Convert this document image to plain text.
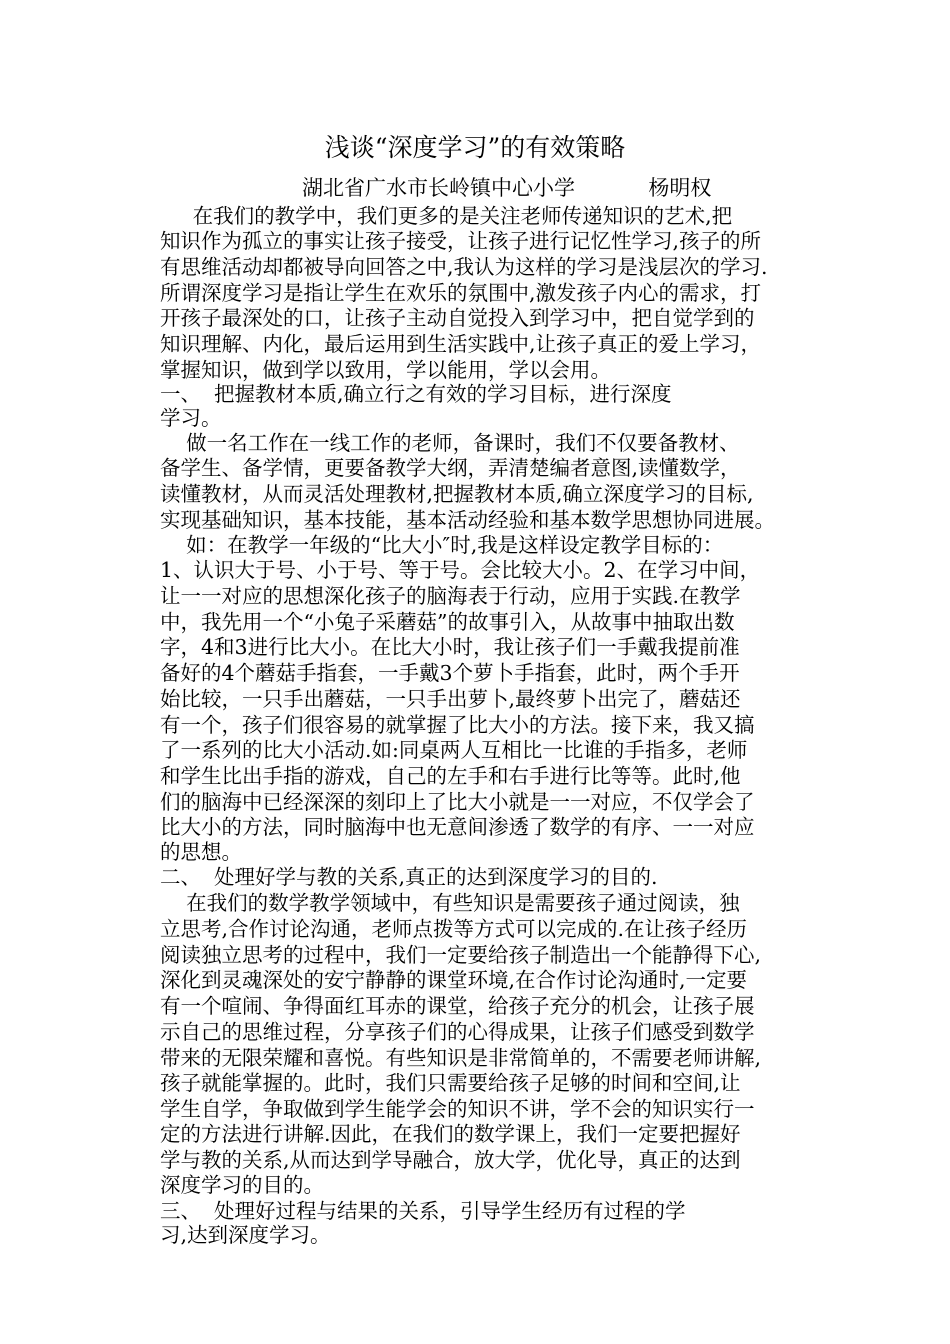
浅谈“深度学习”的有效策略
湖北省广水市长岭镇中心小学           杨明权
在我们的教学中，我们更多的是关注老师传递知识的艺术,把
知识作为孤立的事实让孩子接受，让孩子进行记忆性学习,孩子的所
有思维活动却都被导向回答之中,我认为这样的学习是浅层次的学习.
所谓深度学习是指让学生在欢乐的氛围中,激发孩子内心的需求，打
开孩子最深处的口，让孩子主动自觉投入到学习中，把自觉学到的
知识理解、内化，最后运用到生活实践中,让孩子真正的爱上学习，
掌握知识，做到学以致用，学以能用，学以会用。
一、  把握教材本质,确立行之有效的学习目标，进行深度
学习。
做一名工作在一线工作的老师，备课时，我们不仅要备教材、
备学生、备学情，更要备教学大纲，弄清楚编者意图,读懂数学，
读懂教材，从而灵活处理教材,把握教材本质,确立深度学习的目标,
实现基础知识，基本技能，基本活动经验和基本数学思想协同进展。
如：在教学一年级的“比大小″时,我是这样设定教学目标的：
1、认识大于号、小于号、等于号。会比较大小。2、在学习中间，
让一一对应的思想深化孩子的脑海表于行动，应用于实践.在教学
中，我先用一个“小兔子采蘑菇”的故事引入，从故事中抽取出数
字，4和3进行比大小。在比大小时，我让孩子们一手戴我提前准
备好的4个蘑菇手指套，一手戴3个萝卜手指套，此时，两个手开
始比较，一只手出蘑菇，一只手出萝卜,最终萝卜出完了，蘑菇还
有一个，孩子们很容易的就掌握了比大小的方法。接下来，我又搞
了一系列的比大小活动.如:同桌两人互相比一比谁的手指多，老师
和学生比出手指的游戏，自己的左手和右手进行比等等。此时,他
们的脑海中已经深深的刻印上了比大小就是一一对应，不仅学会了
比大小的方法，同时脑海中也无意间渗透了数学的有序、一一对应
的思想。
二、  处理好学与教的关系,真正的达到深度学习的目的.
在我们的数学教学领域中，有些知识是需要孩子通过阅读，独
立思考,合作讨论沟通，老师点拨等方式可以完成的.在让孩子经历
阅读独立思考的过程中，我们一定要给孩子制造出一个能静得下心,
深化到灵魂深处的安宁静静的课堂环境,在合作讨论沟通时,一定要
有一个喧闹、争得面红耳赤的课堂，给孩子充分的机会，让孩子展
示自己的思维过程，分享孩子们的心得成果，让孩子们感受到数学
带来的无限荣耀和喜悦。有些知识是非常简单的，不需要老师讲解,
孩子就能掌握的。此时，我们只需要给孩子足够的时间和空间,让
学生自学，争取做到学生能学会的知识不讲，学不会的知识实行一
定的方法进行讲解.因此，在我们的数学课上，我们一定要把握好
学与教的关系,从而达到学导融合，放大学，优化导，真正的达到
深度学习的目的。
三、  处理好过程与结果的关系，引导学生经历有过程的学
习,达到深度学习。
